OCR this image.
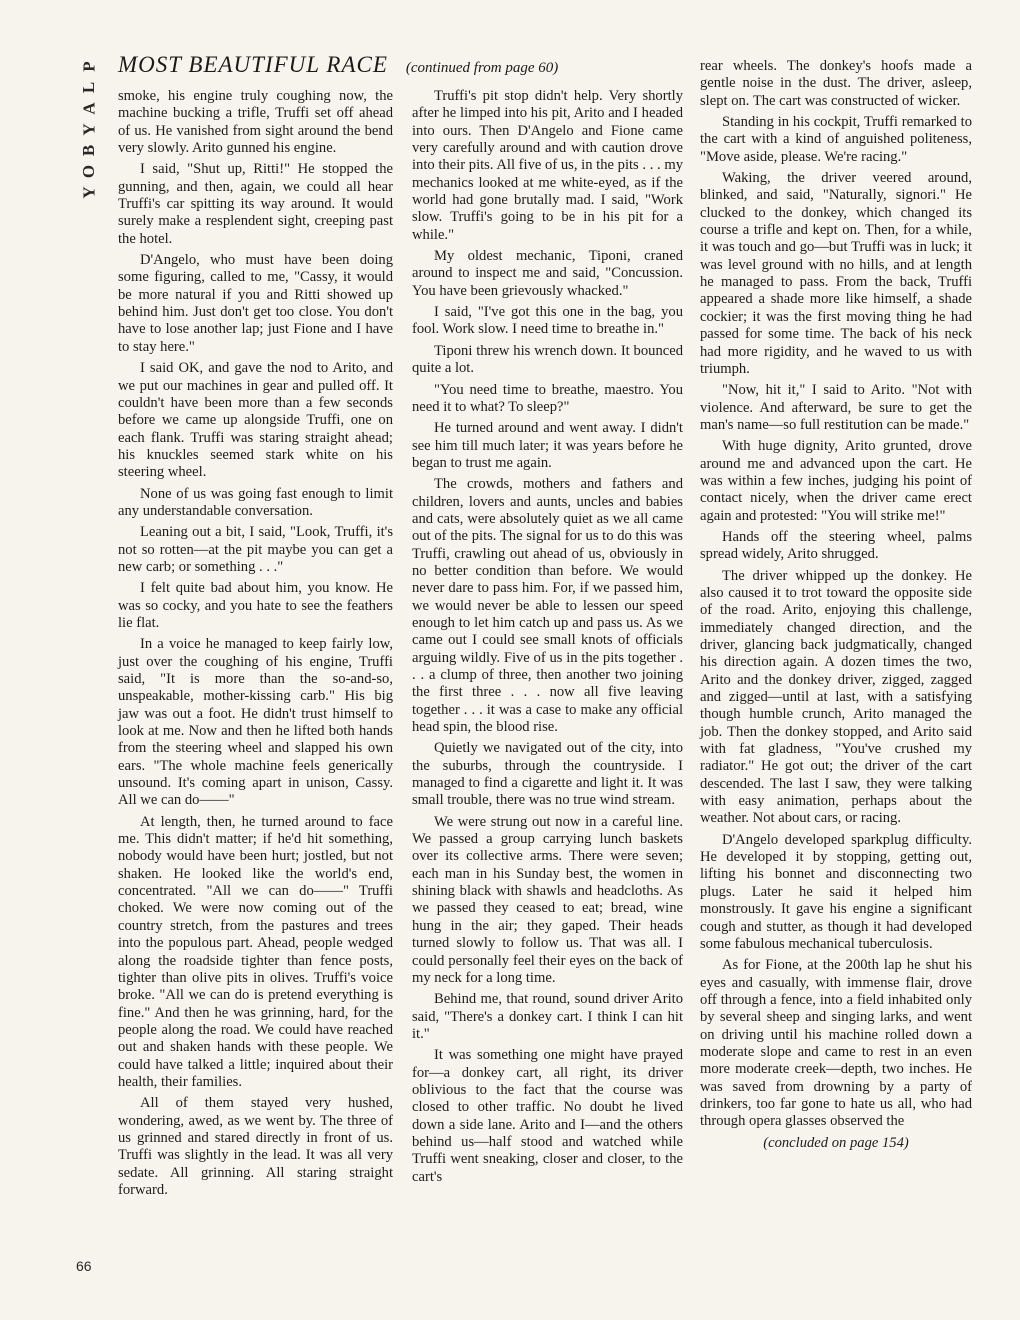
P
L
A
Y
B
O
Y
MOST BEAUTIFUL RACE (continued from page 60)

smoke, his engine truly coughing now, the machine bucking a trifle, Truffi set off ahead of us. He vanished from sight around the bend very slowly. Arito gunned his engine.

I said, "Shut up, Ritti!" He stopped the gunning, and then, again, we could all hear Truffi's car spitting its way around. It would surely make a resplendent sight, creeping past the hotel.

D'Angelo, who must have been doing some figuring, called to me, "Cassy, it would be more natural if you and Ritti showed up behind him. Just don't get too close. You don't have to lose another lap; just Fione and I have to stay here."

I said OK, and gave the nod to Arito, and we put our machines in gear and pulled off. It couldn't have been more than a few seconds before we came up alongside Truffi, one on each flank. Truffi was staring straight ahead; his knuckles seemed stark white on his steering wheel.

None of us was going fast enough to limit any understandable conversation.

Leaning out a bit, I said, "Look, Truffi, it's not so rotten—at the pit maybe you can get a new carb; or something . . ."

I felt quite bad about him, you know. He was so cocky, and you hate to see the feathers lie flat.

In a voice he managed to keep fairly low, just over the coughing of his engine, Truffi said, "It is more than the so-and-so, unspeakable, mother-kissing carb." His big jaw was out a foot. He didn't trust himself to look at me. Now and then he lifted both hands from the steering wheel and slapped his own ears. "The whole machine feels generically unsound. It's coming apart in unison, Cassy. All we can do——"

At length, then, he turned around to face me. This didn't matter; if he'd hit something, nobody would have been hurt; jostled, but not shaken. He looked like the world's end, concentrated. "All we can do——" Truffi choked. We were now coming out of the country stretch, from the pastures and trees into the populous part. Ahead, people wedged along the roadside tighter than fence posts, tighter than olive pits in olives. Truffi's voice broke. "All we can do is pretend everything is fine." And then he was grinning, hard, for the people along the road. We could have reached out and shaken hands with these people. We could have talked a little; inquired about their health, their families.

All of them stayed very hushed, wondering, awed, as we went by. The three of us grinned and stared directly in front of us. Truffi was slightly in the lead. It was all very sedate. All grinning. All staring straight forward.

Truffi's pit stop didn't help. Very shortly after he limped into his pit, Arito and I headed into ours. Then D'Angelo and Fione came very carefully around and with caution drove into their pits. All five of us, in the pits . . . my mechanics looked at me white-eyed, as if the world had gone brutally mad. I said, "Work slow. Truffi's going to be in his pit for a while."

My oldest mechanic, Tiponi, craned around to inspect me and said, "Concussion. You have been grievously whacked."

I said, "I've got this one in the bag, you fool. Work slow. I need time to breathe in."

Tiponi threw his wrench down. It bounced quite a lot.

"You need time to breathe, maestro. You need it to what? To sleep?"

He turned around and went away. I didn't see him till much later; it was years before he began to trust me again.

The crowds, mothers and fathers and children, lovers and aunts, uncles and babies and cats, were absolutely quiet as we all came out of the pits. The signal for us to do this was Truffi, crawling out ahead of us, obviously in no better condition than before. We would never dare to pass him. For, if we passed him, we would never be able to lessen our speed enough to let him catch up and pass us. As we came out I could see small knots of officials arguing wildly. Five of us in the pits together . . . a clump of three, then another two joining the first three . . . now all five leaving together . . . it was a case to make any official head spin, the blood rise.

Quietly we navigated out of the city, into the suburbs, through the countryside. I managed to find a cigarette and light it. It was small trouble, there was no true wind stream.

We were strung out now in a careful line. We passed a group carrying lunch baskets over its collective arms. There were seven; each man in his Sunday best, the women in shining black with shawls and headcloths. As we passed they ceased to eat; bread, wine hung in the air; they gaped. Their heads turned slowly to follow us. That was all. I could personally feel their eyes on the back of my neck for a long time.

Behind me, that round, sound driver Arito said, "There's a donkey cart. I think I can hit it."

It was something one might have prayed for—a donkey cart, all right, its driver oblivious to the fact that the course was closed to other traffic. No doubt he lived down a side lane. Arito and I—and the others behind us—half stood and watched while Truffi went sneaking, closer and closer, to the cart's

rear wheels. The donkey's hoofs made a gentle noise in the dust. The driver, asleep, slept on. The cart was constructed of wicker.

Standing in his cockpit, Truffi remarked to the cart with a kind of anguished politeness, "Move aside, please. We're racing."

Waking, the driver veered around, blinked, and said, "Naturally, signori." He clucked to the donkey, which changed its course a trifle and kept on. Then, for a while, it was touch and go—but Truffi was in luck; it was level ground with no hills, and at length he managed to pass. From the back, Truffi appeared a shade more like himself, a shade cockier; it was the first moving thing he had passed for some time. The back of his neck had more rigidity, and he waved to us with triumph.

"Now, hit it," I said to Arito. "Not with violence. And afterward, be sure to get the man's name—so full restitution can be made."

With huge dignity, Arito grunted, drove around me and advanced upon the cart. He was within a few inches, judging his point of contact nicely, when the driver came erect again and protested: "You will strike me!"

Hands off the steering wheel, palms spread widely, Arito shrugged.

The driver whipped up the donkey. He also caused it to trot toward the opposite side of the road. Arito, enjoying this challenge, immediately changed direction, and the driver, glancing back judgmatically, changed his direction again. A dozen times the two, Arito and the donkey driver, zigged, zagged and zigged—until at last, with a satisfying though humble crunch, Arito managed the job. Then the donkey stopped, and Arito said with fat gladness, "You've crushed my radiator." He got out; the driver of the cart descended. The last I saw, they were talking with easy animation, perhaps about the weather. Not about cars, or racing.

D'Angelo developed sparkplug difficulty. He developed it by stopping, getting out, lifting his bonnet and disconnecting two plugs. Later he said it helped him monstrously. It gave his engine a significant cough and stutter, as though it had developed some fabulous mechanical tuberculosis.

As for Fione, at the 200th lap he shut his eyes and casually, with immense flair, drove off through a fence, into a field inhabited only by several sheep and singing larks, and went on driving until his machine rolled down a moderate slope and came to rest in an even more moderate creek—depth, two inches. He was saved from drowning by a party of drinkers, too far gone to hate us all, who had through opera glasses observed the

(concluded on page 154)

66
